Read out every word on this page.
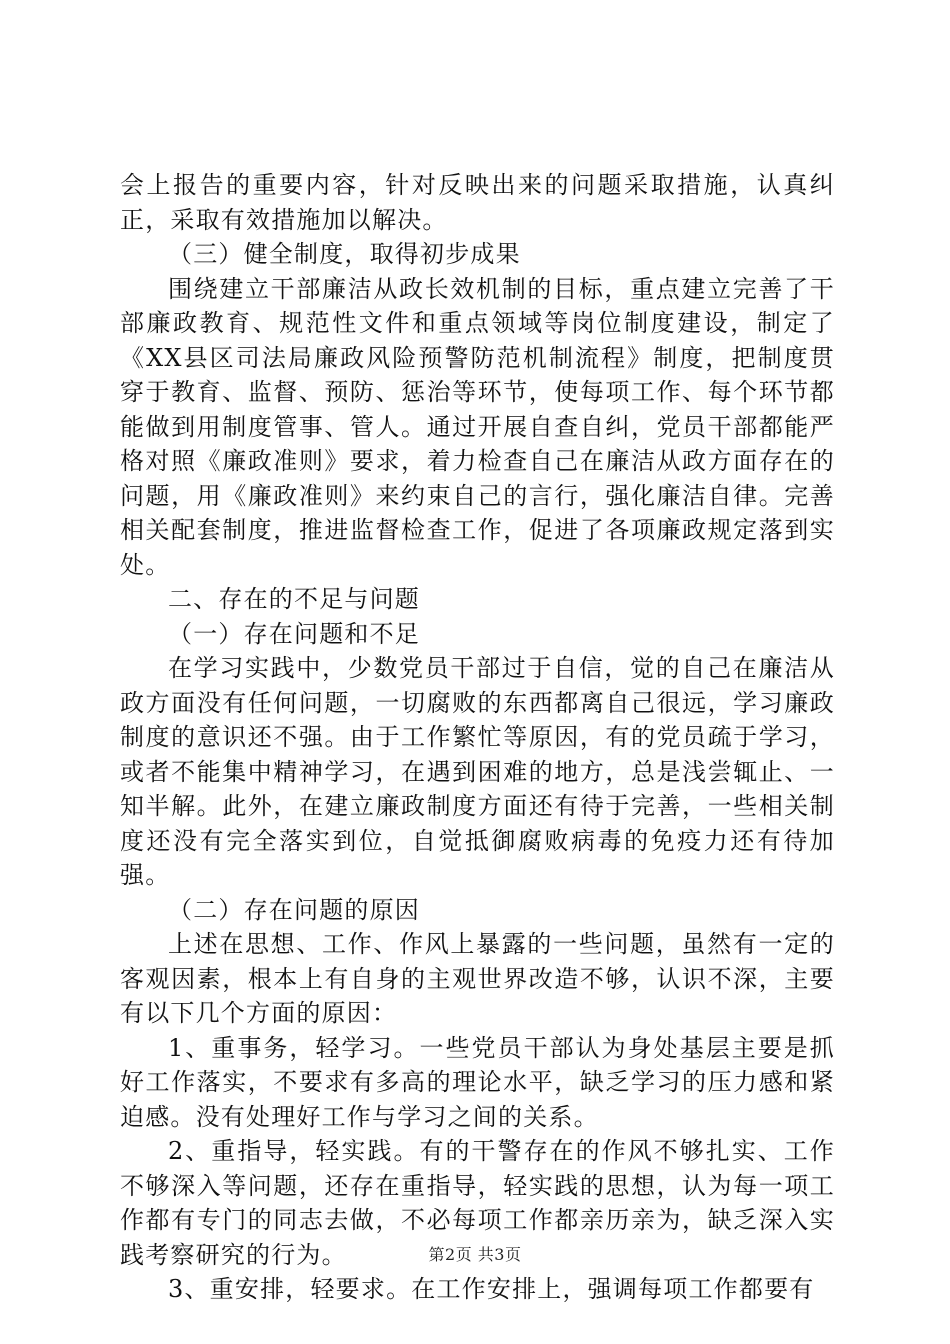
会上报告的重要内容，针对反映出来的问题采取措施，认真纠正，采取有效措施加以解决。

（三）健全制度，取得初步成果

围绕建立干部廉洁从政长效机制的目标，重点建立完善了干部廉政教育、规范性文件和重点领域等岗位制度建设，制定了《XX县区司法局廉政风险预警防范机制流程》制度，把制度贯穿于教育、监督、预防、惩治等环节，使每项工作、每个环节都能做到用制度管事、管人。通过开展自查自纠，党员干部都能严格对照《廉政准则》要求，着力检查自己在廉洁从政方面存在的问题，用《廉政准则》来约束自己的言行，强化廉洁自律。完善相关配套制度，推进监督检查工作，促进了各项廉政规定落到实处。

二、存在的不足与问题

（一）存在问题和不足

在学习实践中，少数党员干部过于自信，觉的自己在廉洁从政方面没有任何问题，一切腐败的东西都离自己很远，学习廉政制度的意识还不强。由于工作繁忙等原因，有的党员疏于学习，或者不能集中精神学习，在遇到困难的地方，总是浅尝辄止、一知半解。此外，在建立廉政制度方面还有待于完善，一些相关制度还没有完全落实到位，自觉抵御腐败病毒的免疫力还有待加强。

（二）存在问题的原因

上述在思想、工作、作风上暴露的一些问题，虽然有一定的客观因素，根本上有自身的主观世界改造不够，认识不深，主要有以下几个方面的原因：

1、重事务，轻学习。一些党员干部认为身处基层主要是抓好工作落实，不要求有多高的理论水平，缺乏学习的压力感和紧迫感。没有处理好工作与学习之间的关系。

2、重指导，轻实践。有的干警存在的作风不够扎实、工作不够深入等问题，还存在重指导，轻实践的思想，认为每一项工作都有专门的同志去做，不必每项工作都亲历亲为，缺乏深入实践考察研究的行为。

3、重安排，轻要求。在工作安排上，强调每项工作都要有

第2页 共3页
